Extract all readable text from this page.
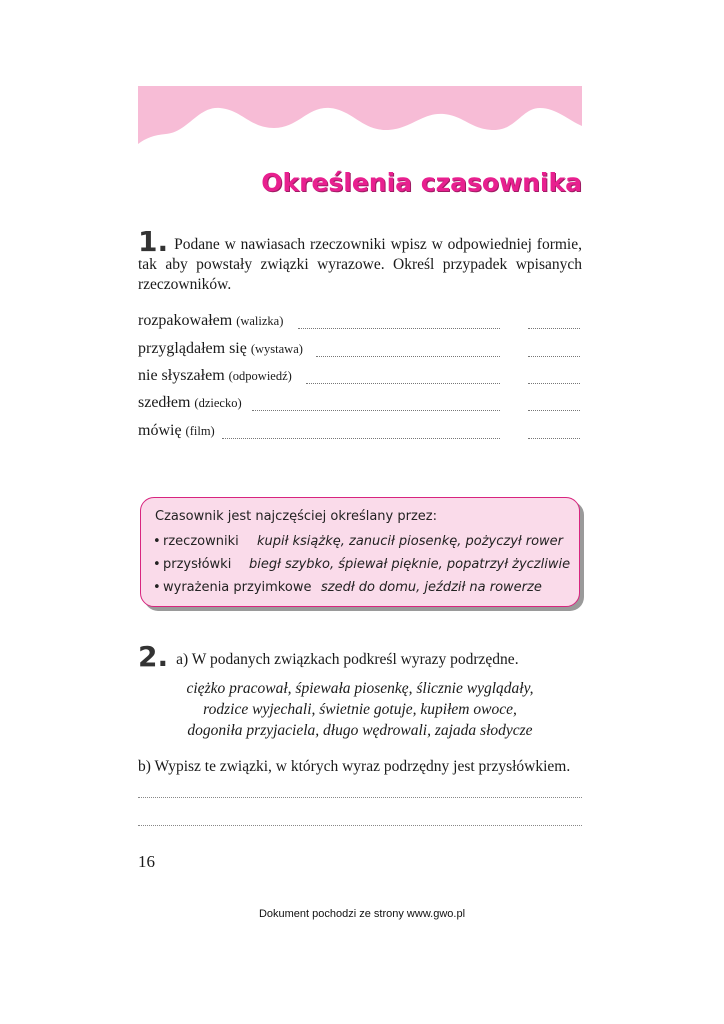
Określenia czasownika
1. Podane w nawiasach rzeczowniki wpisz w odpowiedniej formie, tak aby powstały związki wyrazowe. Określ przypadek wpisanych rzeczowników.
rozpakowałem (walizka)
przyglądałem się (wystawa)
nie słyszałem (odpowiedź)
szedłem (dziecko)
mówię (film)
Czasownik jest najczęściej określany przez:
• rzeczowniki kupił książkę, zanucił piosenkę, pożyczył rower
• przysłówki biegł szybko, śpiewał pięknie, popatrzył życzliwie
• wyrażenia przyimkowe szedł do domu, jeździł na rowerze
2. a) W podanych związkach podkreśl wyrazy podrzędne.
ciężko pracował, śpiewała piosenkę, ślicznie wyglądały,
rodzice wyjechali, świetnie gotuje, kupiłem owoce,
dogoniła przyjaciela, długo wędrowali, zajada słodycze
b) Wypisz te związki, w których wyraz podrzędny jest przysłówkiem.
16
Dokument pochodzi ze strony www.gwo.pl
